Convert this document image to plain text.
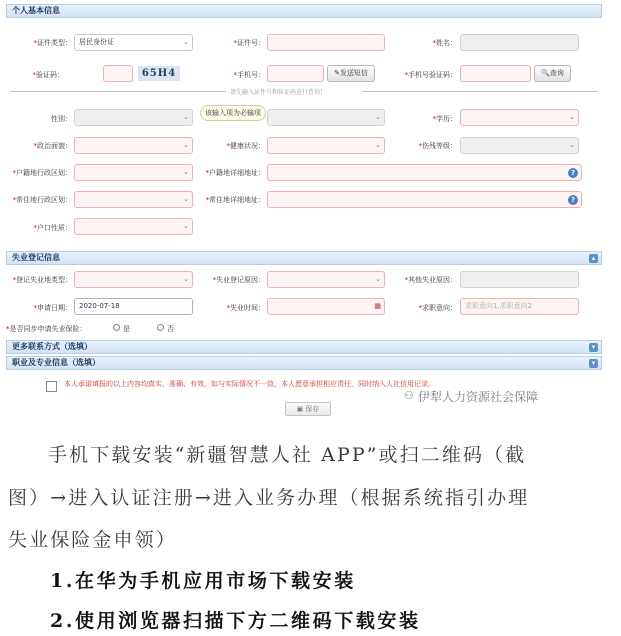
个人基本信息
*证件类型：	居民身份证	⌄	*证件号：	*姓名：
*验证码：	65H4	*手机号：	✎发送短信	*手机号验证码：	🔍查询
请先输入证件号和验证码进行查询！
性别：	⌄	该输入项为必输项	⌄	*学历：	⌄
*政治面貌：	⌄	*健康状况：	⌄	*伤残等级：	⌄
*户籍地行政区划：	⌄	*户籍地详细地址：	?
*常住地行政区划：	⌄	*常住地详细地址：	?
*户口性质：	⌄
失业登记信息	▴
*登记失业地类型：	⌄	*失业登记原因：	⌄	*其他失业原因：
*申请日期：	2020-07-18	*失业时间：	▦	*求职意向：	求职意向1,求职意向2
*是否同步申请失业保险：	是	否
更多联系方式（选填）	▾
职业及专业信息（选填）	▾
本人承诺填报的以上内容均真实、准确、有效，如与实际情况不一致，本人愿意承担相应责任，同时纳入人社信用记录。
▣ 保存
⚇ 伊犁人力资源社会保障
手机下载安装“新疆智慧人社 APP”或扫二维码（截
图）→进入认证注册→进入业务办理（根据系统指引办理
失业保险金申领）
1.在华为手机应用市场下载安装
2.使用浏览器扫描下方二维码下载安装
